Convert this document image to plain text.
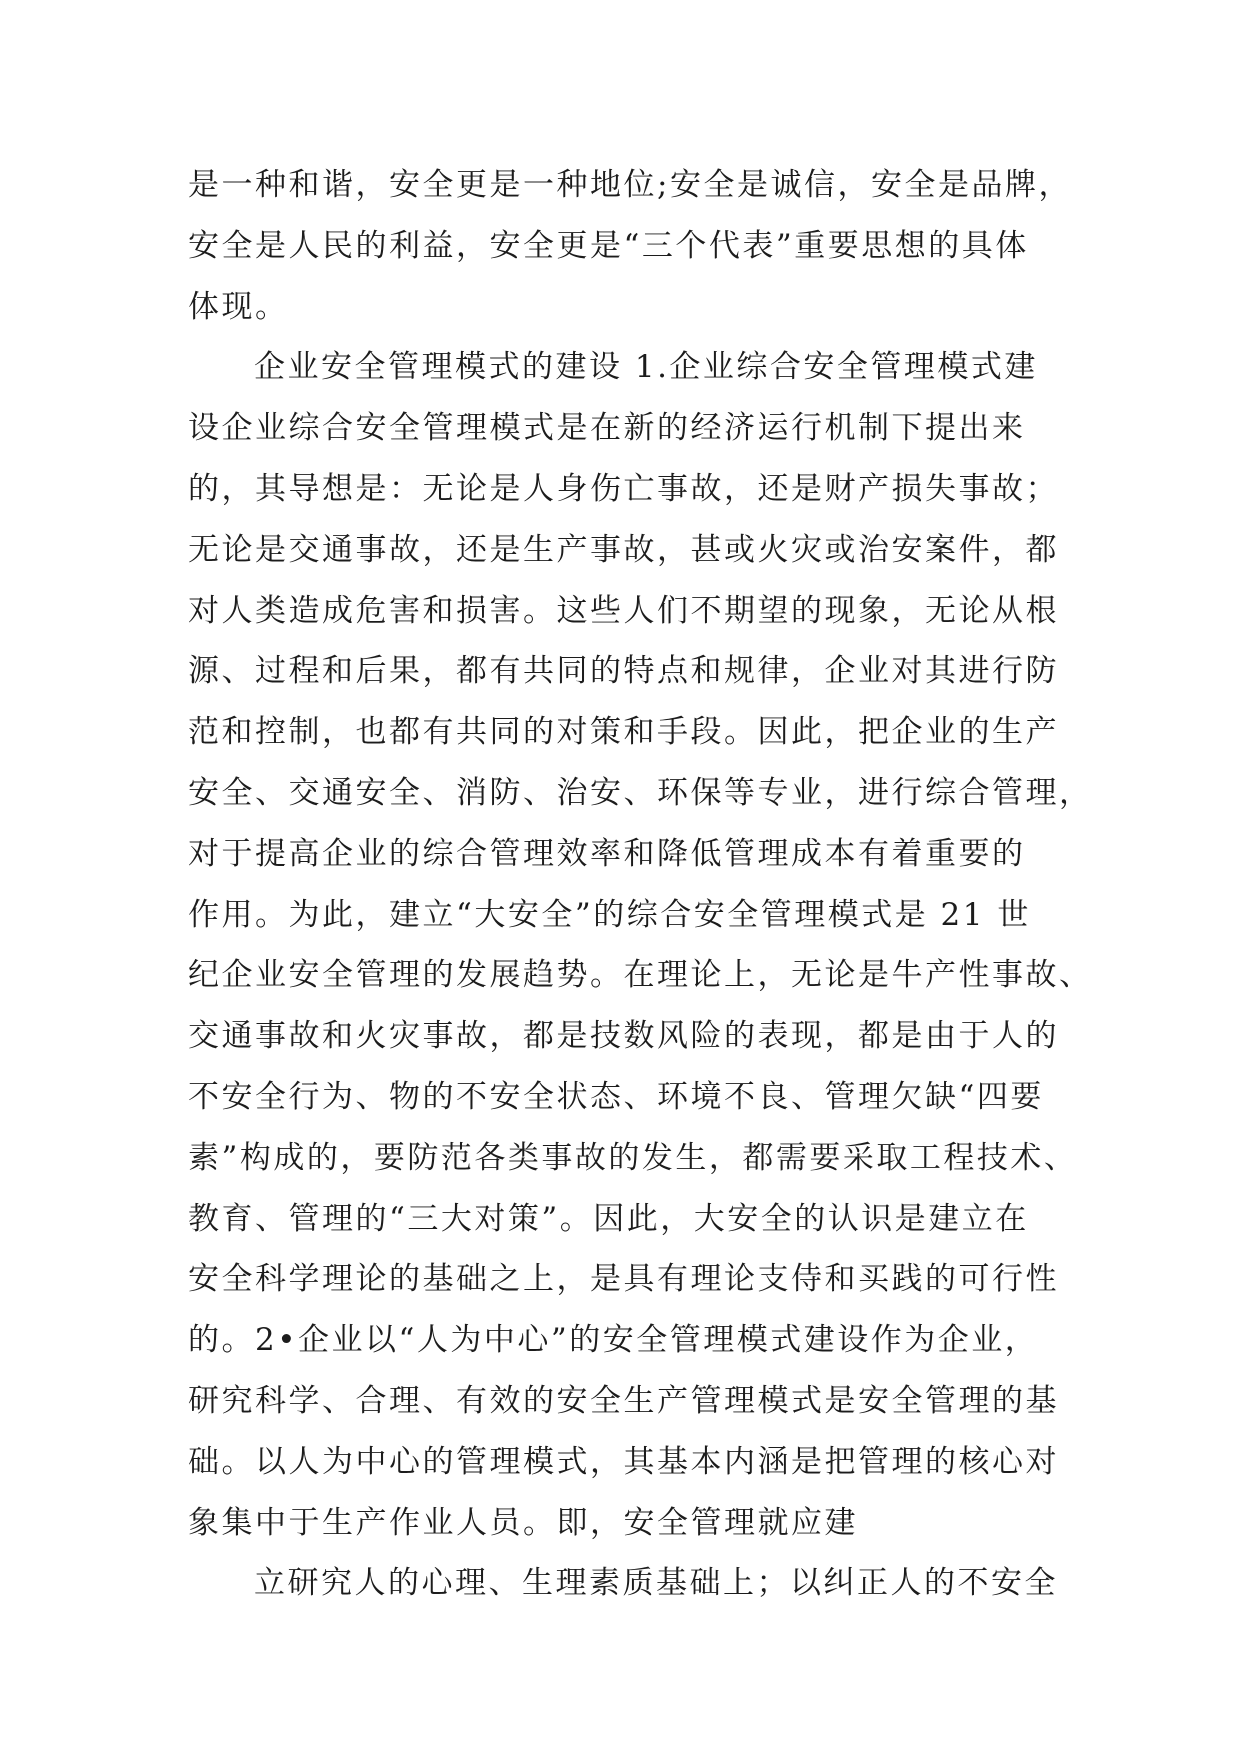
是一种和谐，安全更是一种地位;安全是诚信，安全是品牌，
安全是人民的利益，安全更是“三个代表”重要思想的具体
体现。
企业安全管理模式的建设 1.企业综合安全管理模式建
设企业综合安全管理模式是在新的经济运行机制下提出来
的，其导想是：无论是人身伤亡事故，还是财产损失事故；
无论是交通事故，还是生产事故，甚或火灾或治安案件，都
对人类造成危害和损害。这些人们不期望的现象，无论从根
源、过程和后果，都有共同的特点和规律，企业对其进行防
范和控制，也都有共同的对策和手段。因此，把企业的生产
安全、交通安全、消防、治安、环保等专业，进行综合管理，
对于提高企业的综合管理效率和降低管理成本有着重要的
作用。为此，建立“大安全”的综合安全管理模式是 21 世
纪企业安全管理的发展趋势。在理论上，无论是牛产性事故、
交通事故和火灾事故，都是技数风险的表现，都是由于人的
不安全行为、物的不安全状态、环境不良、管理欠缺“四要
素”构成的，要防范各类事故的发生，都需要采取工程技术、
教育、管理的“三大对策”。因此，大安全的认识是建立在
安全科学理论的基础之上，是具有理论支侍和买践的可行性
的。2•企业以“人为中心”的安全管理模式建设作为企业，
研究科学、合理、有效的安全生产管理模式是安全管理的基
础。以人为中心的管理模式，其基本内涵是把管理的核心对
象集中于生产作业人员。即，安全管理就应建
立研究人的心理、生理素质基础上；以纠正人的不安全
